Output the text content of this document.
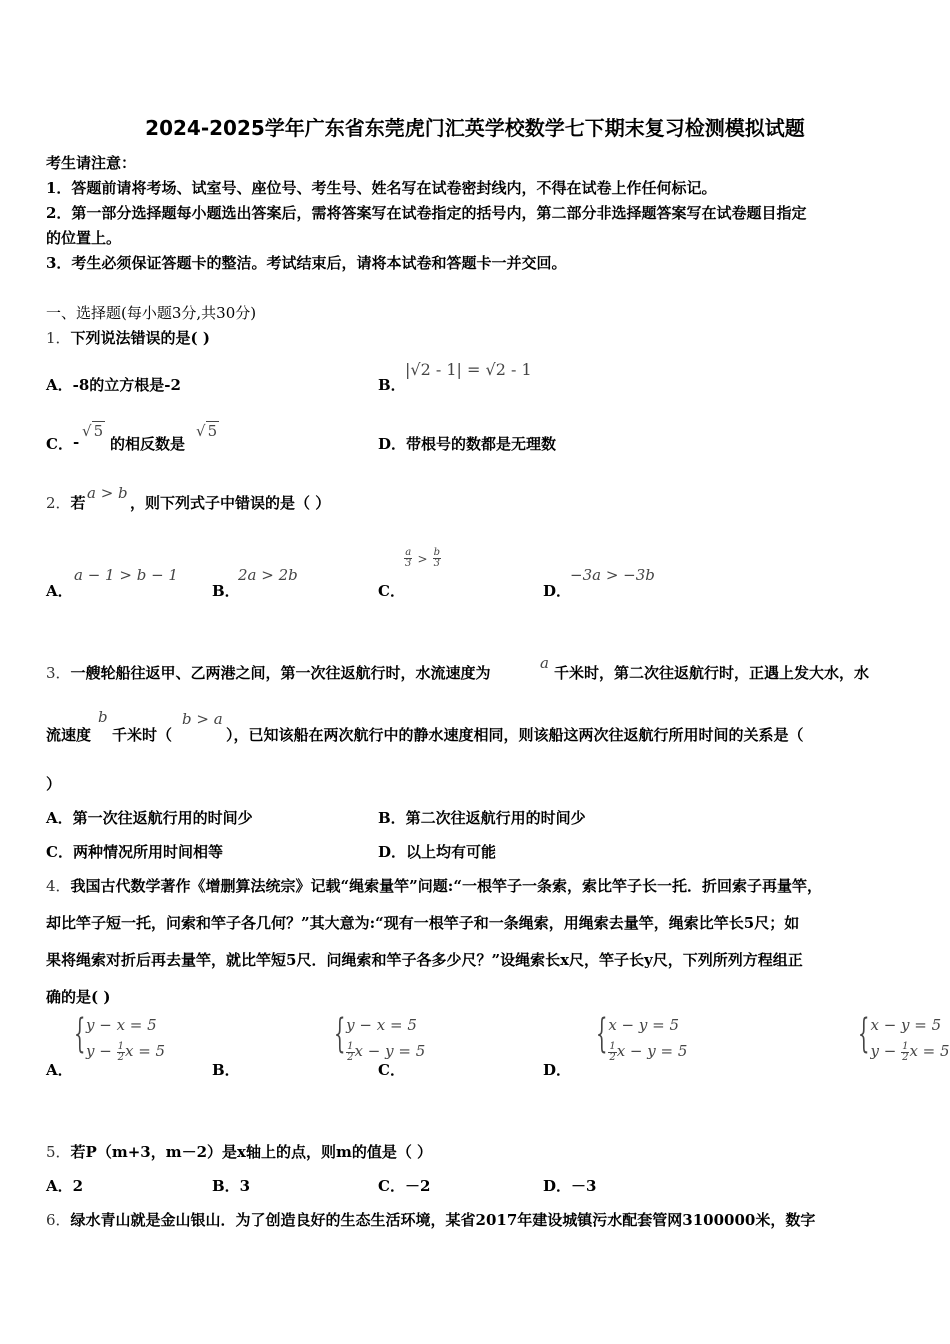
2024-2025学年广东省东莞虎门汇英学校数学七下期末复习检测模拟试题
考生请注意：
1．答题前请将考场、试室号、座位号、考生号、姓名写在试卷密封线内，不得在试卷上作任何标记。
2．第一部分选择题每小题选出答案后，需将答案写在试卷指定的括号内，第二部分非选择题答案写在试卷题目指定
的位置上。
3．考生必须保证答题卡的整洁。考试结束后，请将本试卷和答题卡一并交回。
一、选择题(每小题3分,共30分)
1．下列说法错误的是( )
A．-8的立方根是-2	B．
|√2 - 1| = √2 - 1
C． -
√ 5
的相反数是
√ 5
D．带根号的数都是无理数
2．若
a > b
，则下列式子中错误的是（ ）
A．
a − 1 > b − 1
B．
2a > 2b
C．
$\frac{a}{3} > \frac{b}{3}$
D．
−3a > −3b
3．一艘轮船往返甲、乙两港之间，第一次往返航行时，水流速度为
a
千米时，第二次往返航行时，正遇上发大水，水
流速度
b
千米时（
b > a
），已知该船在两次航行中的静水速度相同，则该船这两次往返航行所用时间的关系是（
）
A．第一次往返航行用的时间少	B．第二次往返航行用的时间少
C．两种情况所用时间相等	D．以上均有可能
4．我国古代数学著作《增删算法统宗》记载“绳索量竿”问题:“一根竿子一条索，索比竿子长一托．折回索子再量竿，
却比竿子短一托，问索和竿子各几何？”其大意为:“现有一根竿子和一条绳索，用绳索去量竿，绳索比竿长5尺；如
果将绳索对折后再去量竿，就比竿短5尺．问绳索和竿子各多少尺？”设绳索长x尺，竿子长y尺，下列所列方程组正
确的是( )
A．
{ y − x = 5
$y - \frac{1}{2}$ x = 5

B．
{ y − x = 5
$\frac{1}{2}$ x − y = 5

C．
{ x − y = 5
$\frac{1}{2}$ x − y = 5

D．
{ x − y = 5
$y - \frac{1}{2}$ x = 5
5．若P（m+3，m－2）是x轴上的点，则m的值是（ ）
A．2	B．3	C．－2	D．－3
6．绿水青山就是金山银山．为了创造良好的生态生活环境，某省2017年建设城镇污水配套管网3100000米，数字
